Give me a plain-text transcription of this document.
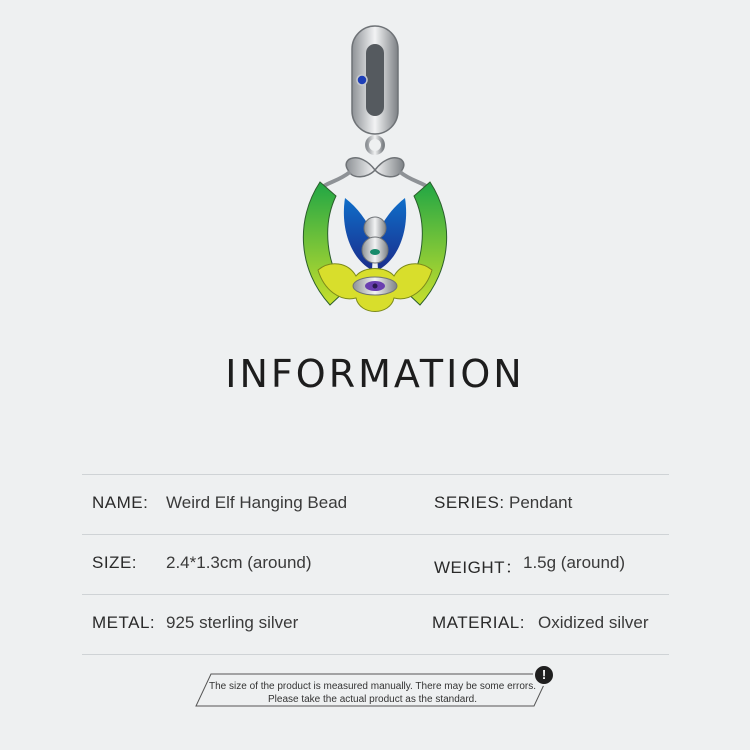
INFORMATION
NAME: Weird Elf Hanging Bead	SERIES: Pendant
SIZE: 2.4*1.3cm (around)	WEIGHT： 1.5g (around)
METAL: 925 sterling silver	MATERIAL: Oxidized silver
The size of the product is measured manually. There may be some errors.
Please take the actual product as the standard.
!
